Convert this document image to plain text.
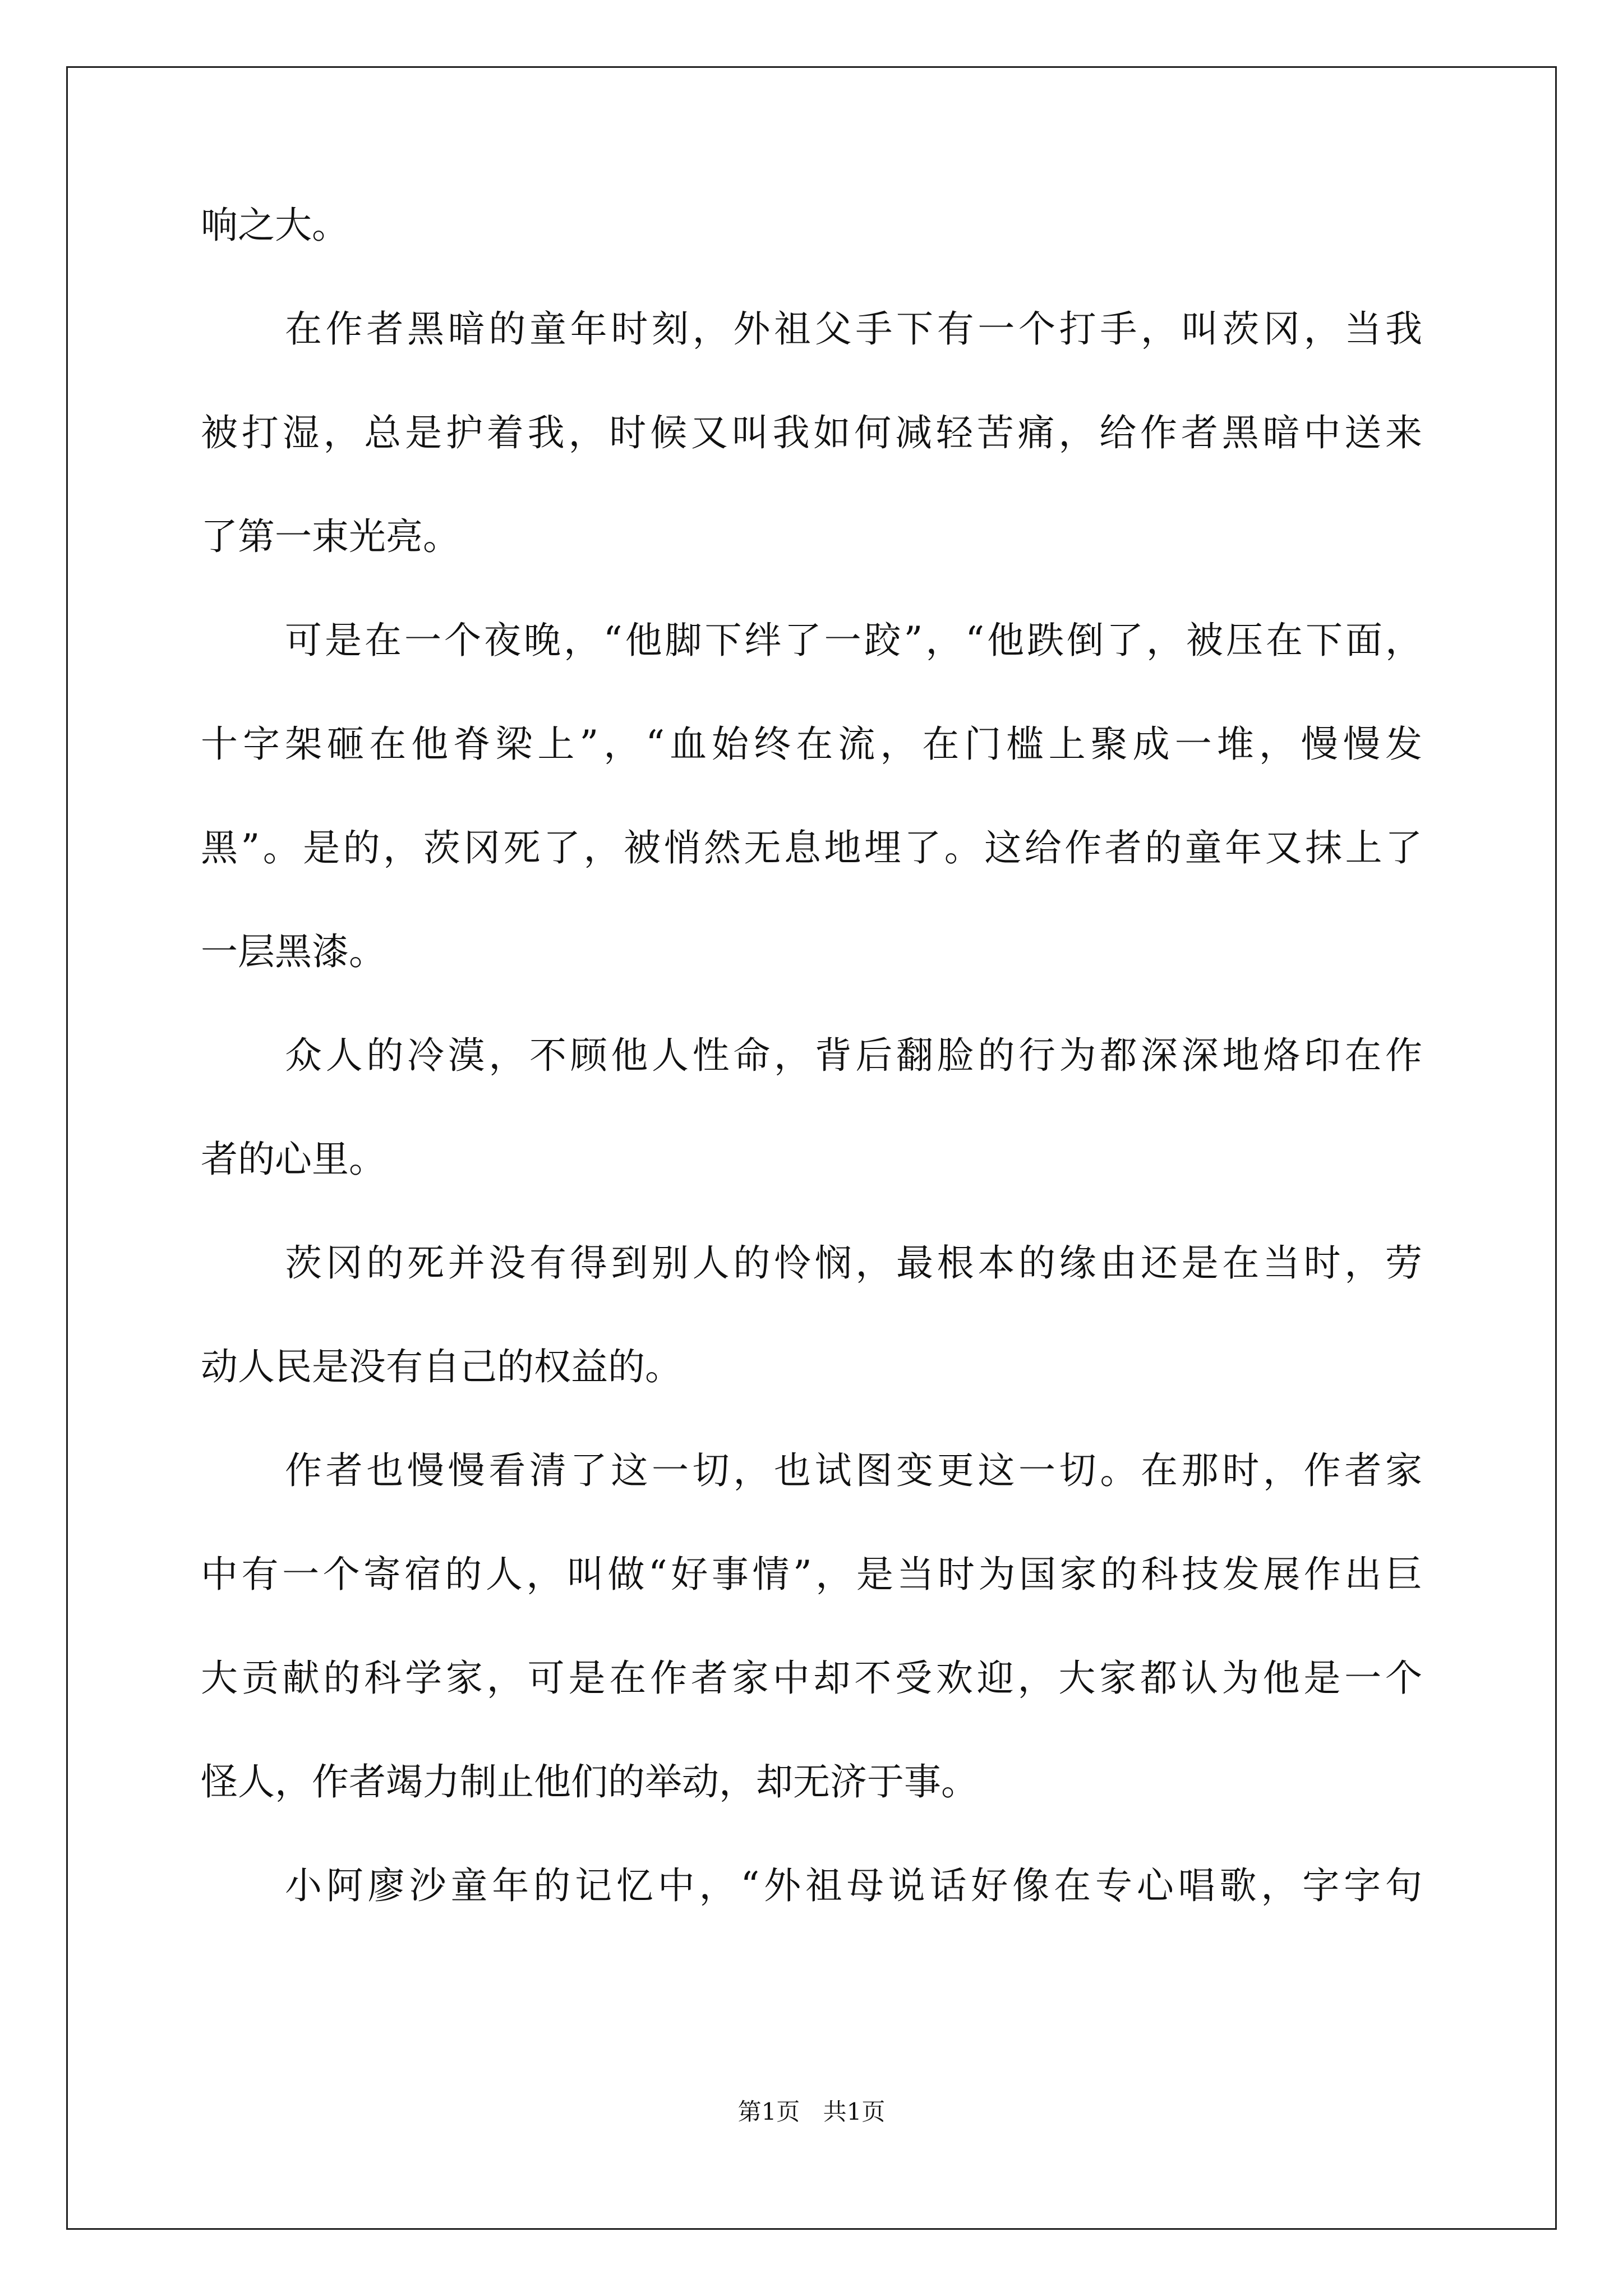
响之大。
在作者黑暗的童年时刻，外祖父手下有一个打手，叫茨冈，当我
被打湿，总是护着我，时候又叫我如何减轻苦痛，给作者黑暗中送来
了第一束光亮。
可是在一个夜晚，“他脚下绊了一跤”，“他跌倒了，被压在下面，
十字架砸在他脊梁上”，“血始终在流，在门槛上聚成一堆，慢慢发
黑”。是的，茨冈死了，被悄然无息地埋了。这给作者的童年又抹上了
一层黑漆。
众人的冷漠，不顾他人性命，背后翻脸的行为都深深地烙印在作
者的心里。
茨冈的死并没有得到别人的怜悯，最根本的缘由还是在当时，劳
动人民是没有自己的权益的。
作者也慢慢看清了这一切，也试图变更这一切。在那时，作者家
中有一个寄宿的人，叫做“好事情”，是当时为国家的科技发展作出巨
大贡献的科学家，可是在作者家中却不受欢迎，大家都认为他是一个
怪人，作者竭力制止他们的举动，却无济于事。
小阿廖沙童年的记忆中，“外祖母说话好像在专心唱歌，字字句
第1页 共1页
